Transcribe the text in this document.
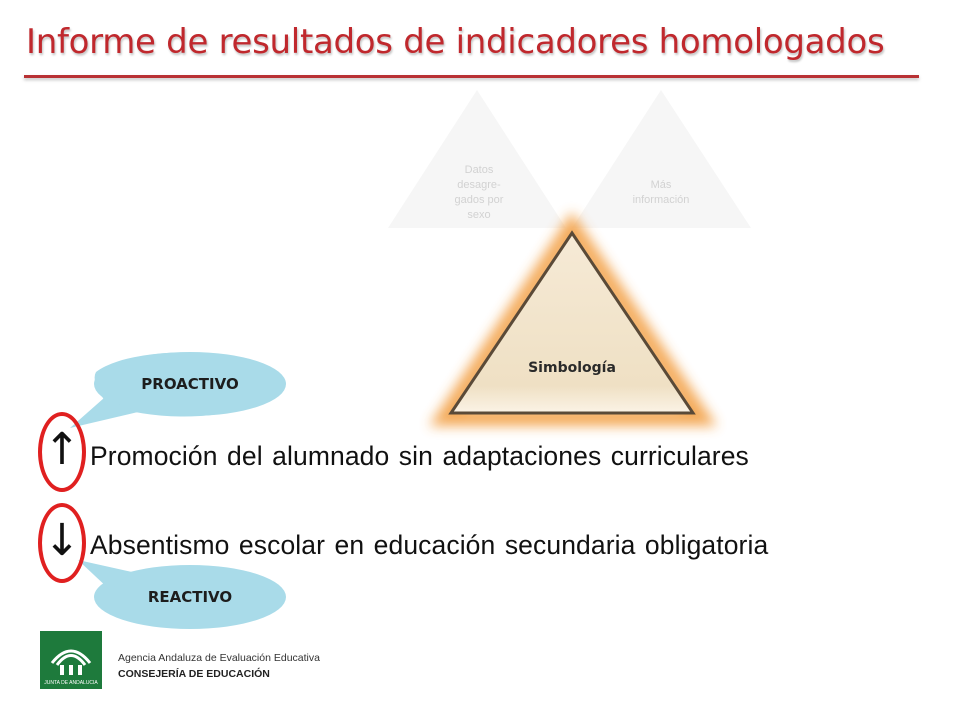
Informe de resultados de indicadores homologados
Datos desagre-gados por sexo
Más información
Simbología
PROACTIVO
REACTIVO
↑ Promoción del alumnado sin adaptaciones curriculares
↓ Absentismo escolar en educación secundaria obligatoria
JUNTA DE ANDALUCIA
Agencia Andaluza de Evaluación Educativa
CONSEJERÍA DE EDUCACIÓN
